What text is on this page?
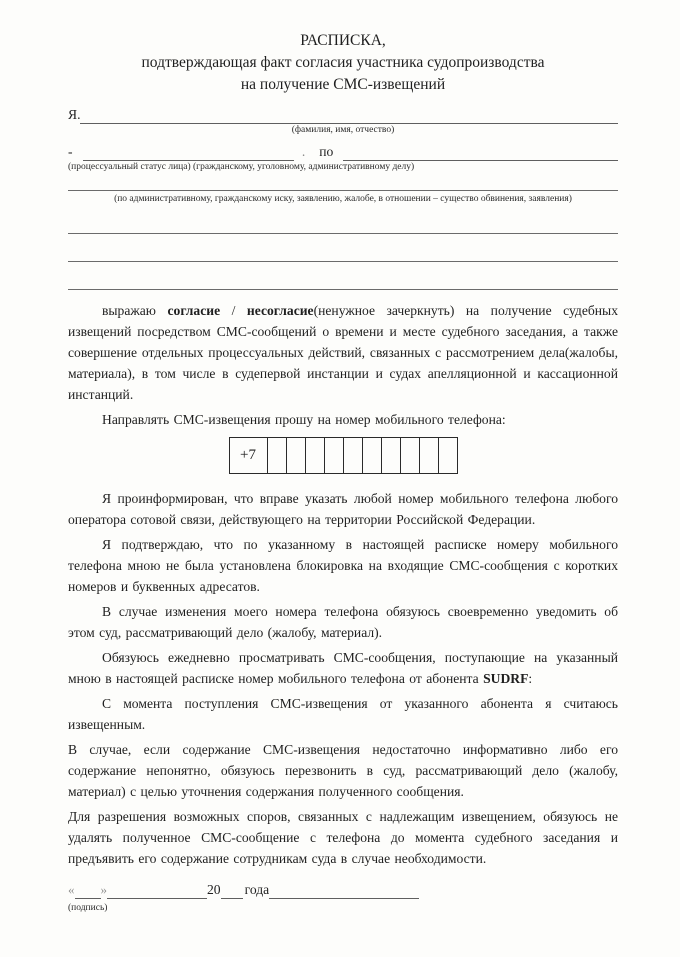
РАСПИСКА,
подтверждающая факт согласия участника судопроизводства
на получение СМС-извещений
Я.
(фамилия, имя, отчество)
-	. по
(процессуальный статус лица) (гражданскому, уголовному, административному делу)
(по административному, гражданскому иску, заявлению, жалобе, в отношении – существо обвинения, заявления)

выражаю согласие / несогласие(ненужное зачеркнуть) на получение судебных извещений посредством СМС-сообщений о времени и месте судебного заседания, а также совершение отдельных процессуальных действий, связанных с рассмотрением дела(жалобы, материала), в том числе в судепервой инстанции и судах апелляционной и кассационной инстанций.

Направлять СМС-извещения прошу на номер мобильного телефона:

+7

Я проинформирован, что вправе указать любой номер мобильного телефона любого оператора сотовой связи, действующего на территории Российской Федерации.

Я подтверждаю, что по указанному в настоящей расписке номеру мобильного телефона мною не была установлена блокировка на входящие СМС-сообщения с коротких номеров и буквенных адресатов.

В случае изменения моего номера телефона обязуюсь своевременно уведомить об этом суд, рассматривающий дело (жалобу, материал).

Обязуюсь ежедневно просматривать СМС-сообщения, поступающие на указанный мною в настоящей расписке номер мобильного телефона от абонента SUDRF:

С момента поступления СМС-извещения от указанного абонента я считаюсь извещенным.

В случае, если содержание СМС-извещения недостаточно информативно либо его содержание непонятно, обязуюсь перезвонить в суд, рассматривающий дело (жалобу, материал) с целью уточнения содержания полученного сообщения.

Для разрешения возможных споров, связанных с надлежащим извещением, обязуюсь не удалять полученное СМС-сообщение с телефона до момента судебного заседания и предъявить его содержание сотрудникам суда в случае необходимости.

« »	20 года
(подпись)
